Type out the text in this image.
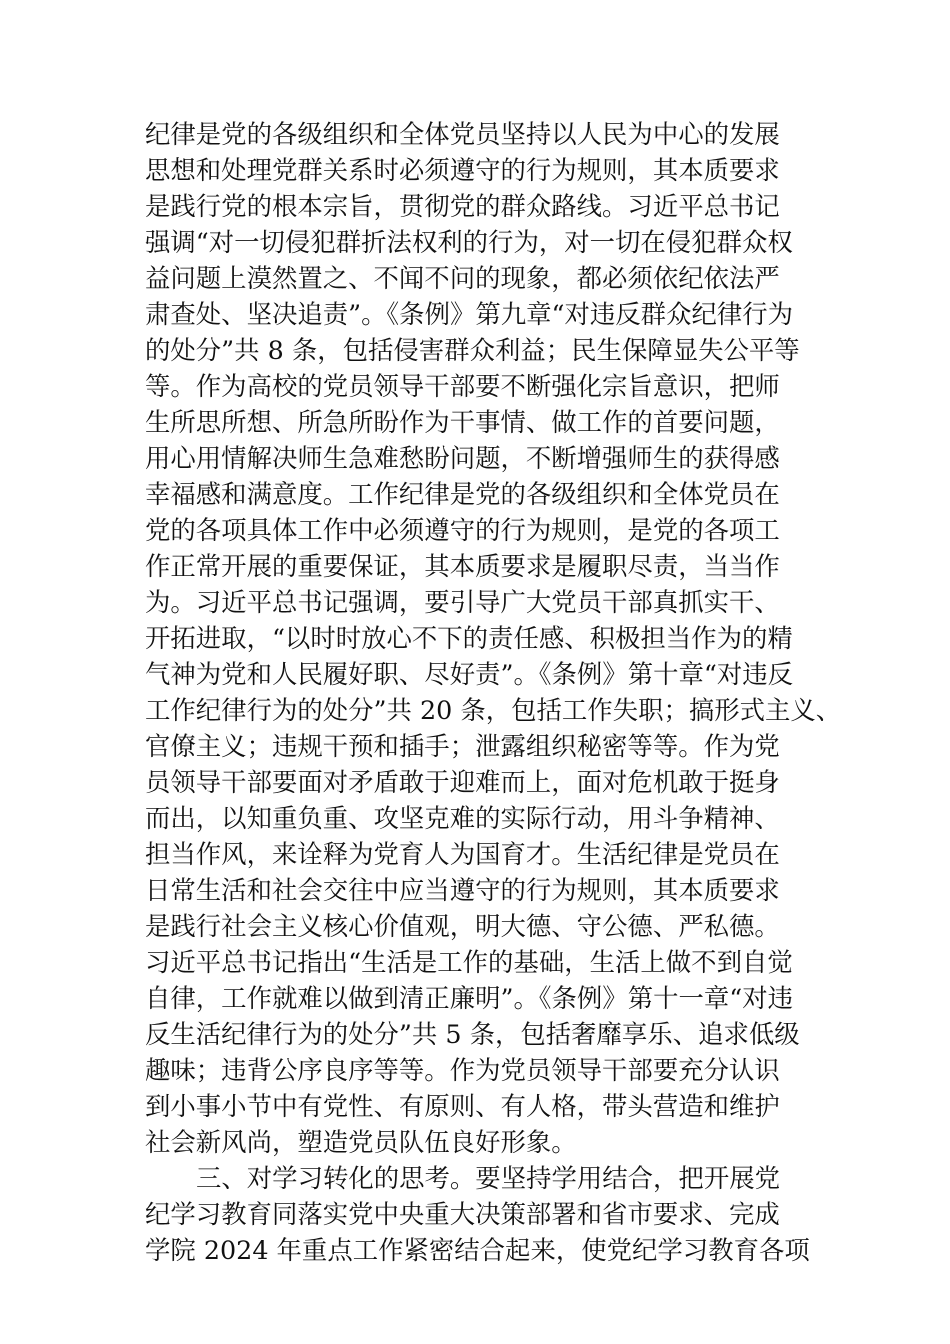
纪律是党的各级组织和全体党员坚持以人民为中心的发展
思想和处理党群关系时必须遵守的行为规则，其本质要求
是践行党的根本宗旨，贯彻党的群众路线。习近平总书记
强调“对一切侵犯群折法权利的行为，对一切在侵犯群众权
益问题上漠然置之、不闻不问的现象，都必须依纪依法严
肃查处、坚决追责”。《条例》第九章“对违反群众纪律行为
的处分”共 8 条，包括侵害群众利益；民生保障显失公平等
等。作为高校的党员领导干部要不断强化宗旨意识，把师
生所思所想、所急所盼作为干事情、做工作的首要问题，
用心用情解决师生急难愁盼问题，不断增强师生的获得感
幸福感和满意度。工作纪律是党的各级组织和全体党员在
党的各项具体工作中必须遵守的行为规则，是党的各项工
作正常开展的重要保证，其本质要求是履职尽责，当当作
为。习近平总书记强调，要引导广大党员干部真抓实干、
开拓进取，“以时时放心不下的责任感、积极担当作为的精
气神为党和人民履好职、尽好责”。《条例》第十章“对违反
工作纪律行为的处分”共 20 条，包括工作失职；搞形式主义、
官僚主义；违规干预和插手；泄露组织秘密等等。作为党
员领导干部要面对矛盾敢于迎难而上，面对危机敢于挺身
而出，以知重负重、攻坚克难的实际行动，用斗争精神、
担当作风，来诠释为党育人为国育才。生活纪律是党员在
日常生活和社会交往中应当遵守的行为规则，其本质要求
是践行社会主义核心价值观，明大德、守公德、严私德。
习近平总书记指出“生活是工作的基础，生活上做不到自觉
自律，工作就难以做到清正廉明”。《条例》第十一章“对违
反生活纪律行为的处分”共 5 条，包括奢靡享乐、追求低级
趣味；违背公序良序等等。作为党员领导干部要充分认识
到小事小节中有党性、有原则、有人格，带头营造和维护
社会新风尚，塑造党员队伍良好形象。
三、对学习转化的思考。要坚持学用结合，把开展党
纪学习教育同落实党中央重大决策部署和省市要求、完成
学院 2024 年重点工作紧密结合起来，使党纪学习教育各项
